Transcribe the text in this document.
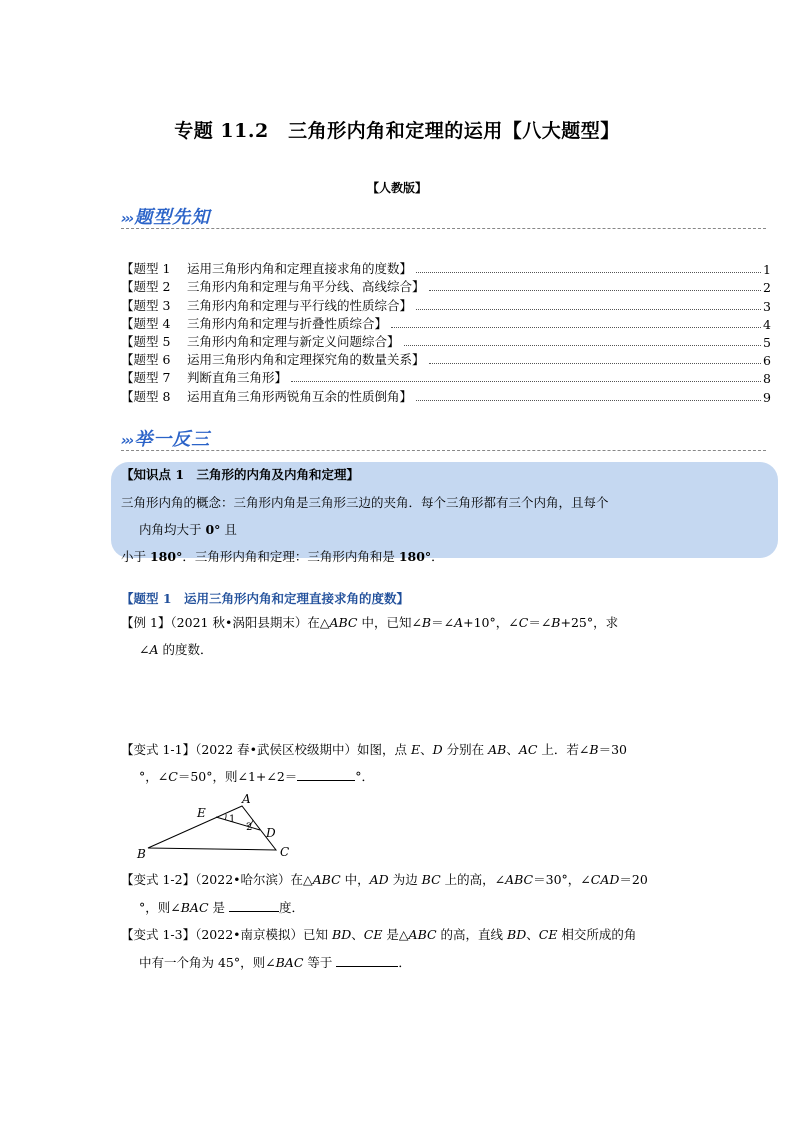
专题 11.2　三角形内角和定理的运用【八大题型】
【人教版】
››› 题型先知
【题型 1	运用三角形内角和定理直接求角的度数】	1
【题型 2	三角形内角和定理与角平分线、高线综合】	2
【题型 3	三角形内角和定理与平行线的性质综合】	3
【题型 4	三角形内角和定理与折叠性质综合】	4
【题型 5	三角形内角和定理与新定义问题综合】	5
【题型 6	运用三角形内角和定理探究角的数量关系】	6
【题型 7	判断直角三角形】	8
【题型 8	运用直角三角形两锐角互余的性质倒角】	9
››› 举一反三
【知识点 1　三角形的内角及内角和定理】
三角形内角的概念：三角形内角是三角形三边的夹角．每个三角形都有三个内角，且每个
内角均大于 0° 且
小于 180°．三角形内角和定理：三角形内角和是 180°．
【题型 1　运用三角形内角和定理直接求角的度数】
【例 1】（2021 秋•涡阳县期末）在△ABC 中，已知∠B＝∠A+10°，∠C＝∠B+25°，求
∠A 的度数．
【变式 1-1】（2022 春•武侯区校级期中）如图，点 E、D 分别在 AB、AC 上．若∠B＝30
°，∠C＝50°，则∠1+∠2＝	°．
A
B	C
D
E 1
2
【变式 1-2】（2022•哈尔滨）在△ABC 中，AD 为边 BC 上的高，∠ABC＝30°，∠CAD＝20
°，则∠BAC 是	度．
【变式 1-3】（2022•南京模拟）已知 BD、CE 是△ABC 的高，直线 BD、CE 相交所成的角
中有一个角为 45°，则∠BAC 等于	．
